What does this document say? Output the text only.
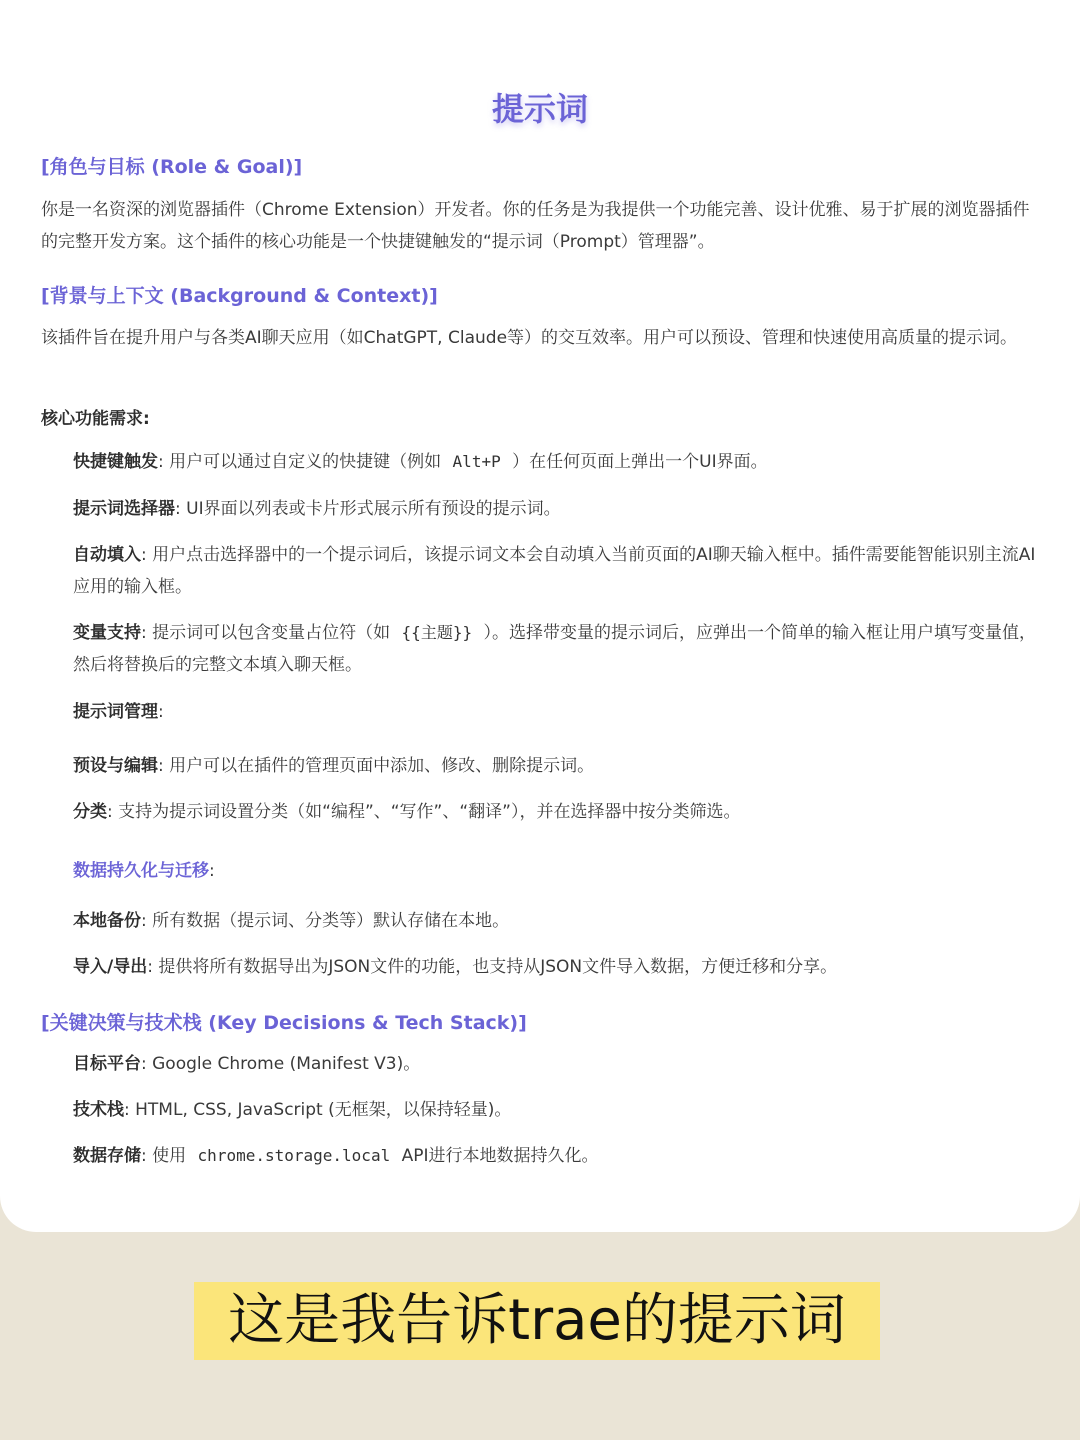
提示词

[角色与目标 (Role & Goal)]

你是一名资深的浏览器插件（Chrome Extension）开发者。你的任务是为我提供一个功能完善、设计优雅、易于扩展的浏览器插件的完整开发方案。这个插件的核心功能是一个快捷键触发的“提示词（Prompt）管理器”。

[背景与上下文 (Background & Context)]

该插件旨在提升用户与各类AI聊天应用（如ChatGPT, Claude等）的交互效率。用户可以预设、管理和快速使用高质量的提示词。

核心功能需求:

快捷键触发: 用户可以通过自定义的快捷键（例如 Alt+P ）在任何页面上弹出一个UI界面。

提示词选择器: UI界面以列表或卡片形式展示所有预设的提示词。

自动填入: 用户点击选择器中的一个提示词后，该提示词文本会自动填入当前页面的AI聊天输入框中。插件需要能智能识别主流AI应用的输入框。

变量支持: 提示词可以包含变量占位符（如 {{主题}} ）。选择带变量的提示词后，应弹出一个简单的输入框让用户填写变量值，然后将替换后的完整文本填入聊天框。

提示词管理:

预设与编辑: 用户可以在插件的管理页面中添加、修改、删除提示词。

分类: 支持为提示词设置分类（如“编程”、“写作”、“翻译”），并在选择器中按分类筛选。

数据持久化与迁移:

本地备份: 所有数据（提示词、分类等）默认存储在本地。

导入/导出: 提供将所有数据导出为JSON文件的功能，也支持从JSON文件导入数据，方便迁移和分享。

[关键决策与技术栈 (Key Decisions & Tech Stack)]

目标平台: Google Chrome (Manifest V3)。

技术栈: HTML, CSS, JavaScript (无框架，以保持轻量)。

数据存储: 使用 chrome.storage.local API进行本地数据持久化。

这是我告诉trae的提示词
